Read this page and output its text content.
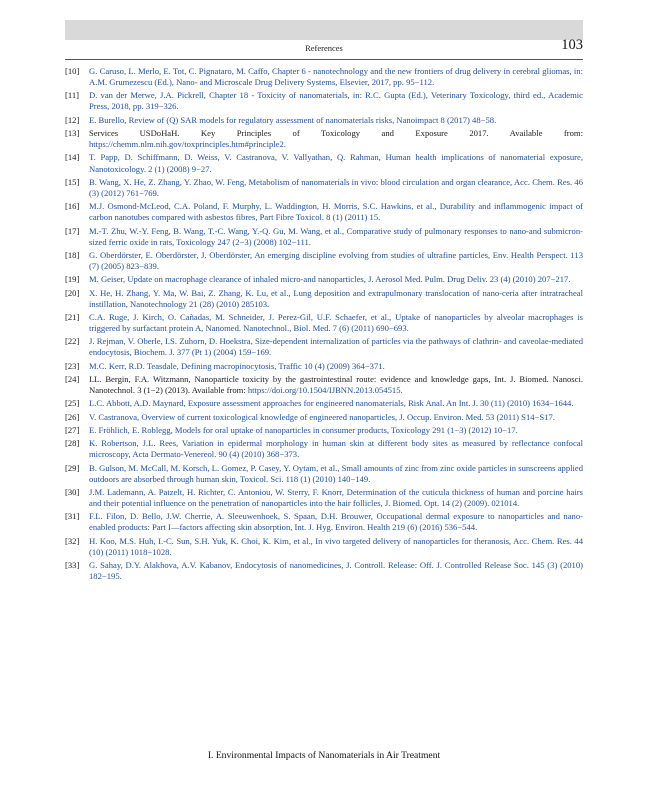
References	103
[10] G. Caruso, L. Merlo, E. Tot, C. Pignataro, M. Caffo, Chapter 6 - nanotechnology and the new frontiers of drug delivery in cerebral gliomas, in: A.M. Grumezescu (Ed.), Nano- and Microscale Drug Delivery Systems, Elsevier, 2017, pp. 95−112.
[11] D. van der Merwe, J.A. Pickrell, Chapter 18 - Toxicity of nanomaterials, in: R.C. Gupta (Ed.), Veterinary Toxicology, third ed., Academic Press, 2018, pp. 319−326.
[12] E. Burello, Review of (Q) SAR models for regulatory assessment of nanomaterials risks, Nanoimpact 8 (2017) 48−58.
[13] Services USDoHaH. Key Principles of Toxicology and Exposure 2017. Available from: https://chemm.nlm.nih.gov/toxprinciples.htm#principle2.
[14] T. Papp, D. Schiffmann, D. Weiss, V. Castranova, V. Vallyathan, Q. Rahman, Human health implications of nanomaterial exposure, Nanotoxicology. 2 (1) (2008) 9−27.
[15] B. Wang, X. He, Z. Zhang, Y. Zhao, W. Feng, Metabolism of nanomaterials in vivo: blood circulation and organ clearance, Acc. Chem. Res. 46 (3) (2012) 761−769.
[16] M.J. Osmond-McLeod, C.A. Poland, F. Murphy, L. Waddington, H. Morris, S.C. Hawkins, et al., Durability and inflammogenic impact of carbon nanotubes compared with asbestos fibres, Part Fibre Toxicol. 8 (1) (2011) 15.
[17] M.-T. Zhu, W.-Y. Feng, B. Wang, T.-C. Wang, Y.-Q. Gu, M. Wang, et al., Comparative study of pulmonary responses to nano-and submicron-sized ferric oxide in rats, Toxicology 247 (2−3) (2008) 102−111.
[18] G. Oberdörster, E. Oberdörster, J. Oberdörster, An emerging discipline evolving from studies of ultrafine particles, Env. Health Perspect. 113 (7) (2005) 823−839.
[19] M. Geiser, Update on macrophage clearance of inhaled micro-and nanoparticles, J. Aerosol Med. Pulm. Drug Deliv. 23 (4) (2010) 207−217.
[20] X. He, H. Zhang, Y. Ma, W. Bai, Z. Zhang, K. Lu, et al., Lung deposition and extrapulmonary translocation of nano-ceria after intratracheal instillation, Nanotechnology 21 (28) (2010) 285103.
[21] C.A. Ruge, J. Kirch, O. Cañadas, M. Schneider, J. Perez-Gil, U.F. Schaefer, et al., Uptake of nanoparticles by alveolar macrophages is triggered by surfactant protein A, Nanomed. Nanotechnol., Biol. Med. 7 (6) (2011) 690−693.
[22] J. Rejman, V. Oberle, I.S. Zuhorn, D. Hoekstra, Size-dependent internalization of particles via the pathways of clathrin- and caveolae-mediated endocytosis, Biochem. J. 377 (Pt 1) (2004) 159−169.
[23] M.C. Kerr, R.D. Teasdale, Defining macropinocytosis, Traffic 10 (4) (2009) 364−371.
[24] I.L. Bergin, F.A. Witzmann, Nanoparticle toxicity by the gastrointestinal route: evidence and knowledge gaps, Int. J. Biomed. Nanosci. Nanotechnol. 3 (1−2) (2013). Available from: https://doi.org/10.1504/IJBNN.2013.054515.
[25] L.C. Abbott, A.D. Maynard, Exposure assessment approaches for engineered nanomaterials, Risk Anal. An Int. J. 30 (11) (2010) 1634−1644.
[26] V. Castranova, Overview of current toxicological knowledge of engineered nanoparticles, J. Occup. Environ. Med. 53 (2011) S14−S17.
[27] E. Fröhlich, E. Roblegg, Models for oral uptake of nanoparticles in consumer products, Toxicology 291 (1−3) (2012) 10−17.
[28] K. Robertson, J.L. Rees, Variation in epidermal morphology in human skin at different body sites as measured by reflectance confocal microscopy, Acta Dermato-Venereol. 90 (4) (2010) 368−373.
[29] B. Gulson, M. McCall, M. Korsch, L. Gomez, P. Casey, Y. Oytam, et al., Small amounts of zinc from zinc oxide particles in sunscreens applied outdoors are absorbed through human skin, Toxicol. Sci. 118 (1) (2010) 140−149.
[30] J.M. Lademann, A. Patzelt, H. Richter, C. Antoniou, W. Sterry, F. Knorr, Determination of the cuticula thickness of human and porcine hairs and their potential influence on the penetration of nanoparticles into the hair follicles, J. Biomed. Opt. 14 (2) (2009). 021014.
[31] F.L. Filon, D. Bello, J.W. Cherrie, A. Sleeuwenhoek, S. Spaan, D.H. Brouwer, Occupational dermal exposure to nanoparticles and nano-enabled products: Part I—factors affecting skin absorption, Int. J. Hyg. Environ. Health 219 (6) (2016) 536−544.
[32] H. Koo, M.S. Huh, I.-C. Sun, S.H. Yuk, K. Choi, K. Kim, et al., In vivo targeted delivery of nanoparticles for theranosis, Acc. Chem. Res. 44 (10) (2011) 1018−1028.
[33] G. Sahay, D.Y. Alakhova, A.V. Kabanov, Endocytosis of nanomedicines, J. Controll. Release: Off. J. Controlled Release Soc. 145 (3) (2010) 182−195.
I. Environmental Impacts of Nanomaterials in Air Treatment
